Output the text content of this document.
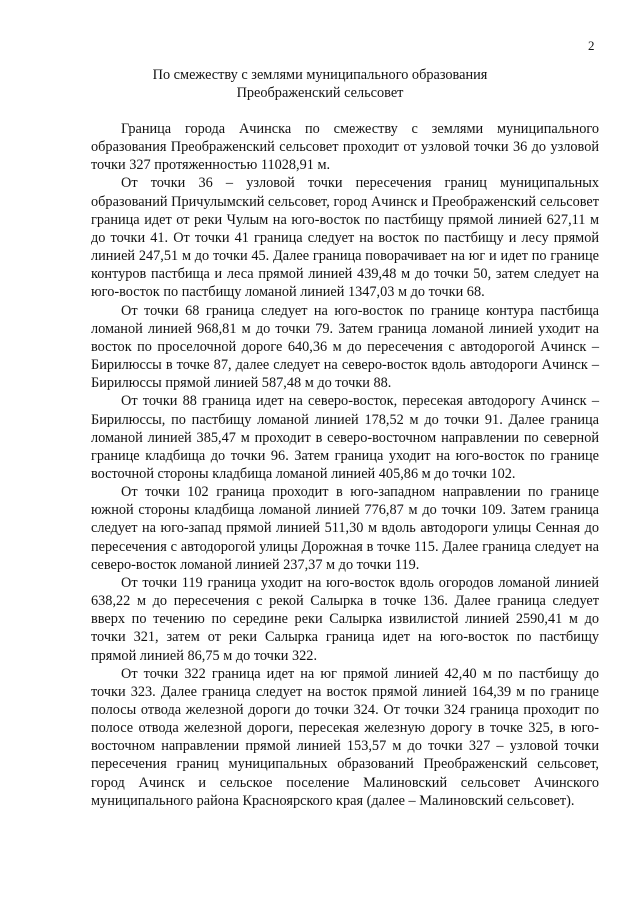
2
По смежеству с землями муниципального образования
Преображенский сельсовет

Граница города Ачинска по смежеству с землями муниципального образования Преображенский сельсовет проходит от узловой точки 36 до узловой точки 327 протяженностью 11028,91 м.

От точки 36 – узловой точки пересечения границ муниципальных образований Причулымский сельсовет, город Ачинск и Преображенский сельсовет граница идет от реки Чулым на юго-восток по пастбищу прямой линией 627,11 м до точки 41. От точки 41 граница следует на восток по пастбищу и лесу прямой линией 247,51 м до точки 45. Далее граница поворачивает на юг и идет по границе контуров пастбища и леса прямой линией 439,48 м до точки 50, затем следует на юго-восток по пастбищу ломаной линией 1347,03 м до точки 68.

От точки 68 граница следует на юго-восток по границе контура пастбища ломаной линией 968,81 м до точки 79. Затем граница ломаной линией уходит на восток по проселочной дороге 640,36 м до пересечения с автодорогой Ачинск – Бирилюссы в точке 87, далее следует на северо-восток вдоль автодороги Ачинск – Бирилюссы прямой линией 587,48 м до точки 88.

От точки 88 граница идет на северо-восток, пересекая автодорогу Ачинск – Бирилюссы, по пастбищу ломаной линией 178,52 м до точки 91. Далее граница ломаной линией 385,47 м проходит в северо-восточном направлении по северной границе кладбища до точки 96. Затем граница уходит на юго-восток по границе восточной стороны кладбища ломаной линией 405,86 м до точки 102.

От точки 102 граница проходит в юго-западном направлении по границе южной стороны кладбища ломаной линией 776,87 м до точки 109. Затем граница следует на юго-запад прямой линией 511,30 м вдоль автодороги улицы Сенная до пересечения с автодорогой улицы Дорожная в точке 115. Далее граница следует на северо-восток ломаной линией 237,37 м до точки 119.

От точки 119 граница уходит на юго-восток вдоль огородов ломаной линией 638,22 м до пересечения с рекой Салырка в точке 136. Далее граница следует вверх по течению по середине реки Салырка извилистой линией 2590,41 м до точки 321, затем от реки Салырка граница идет на юго-восток по пастбищу прямой линией 86,75 м до точки 322.

От точки 322 граница идет на юг прямой линией 42,40 м по пастбищу до точки 323. Далее граница следует на восток прямой линией 164,39 м по границе полосы отвода железной дороги до точки 324. От точки 324 граница проходит по полосе отвода железной дороги, пересекая железную дорогу в точке 325, в юго-восточном направлении прямой линией 153,57 м до точки 327 – узловой точки пересечения границ муниципальных образований Преображенский сельсовет, город Ачинск и сельское поселение Малиновский сельсовет Ачинского муниципального района Красноярского края (далее – Малиновский сельсовет).
